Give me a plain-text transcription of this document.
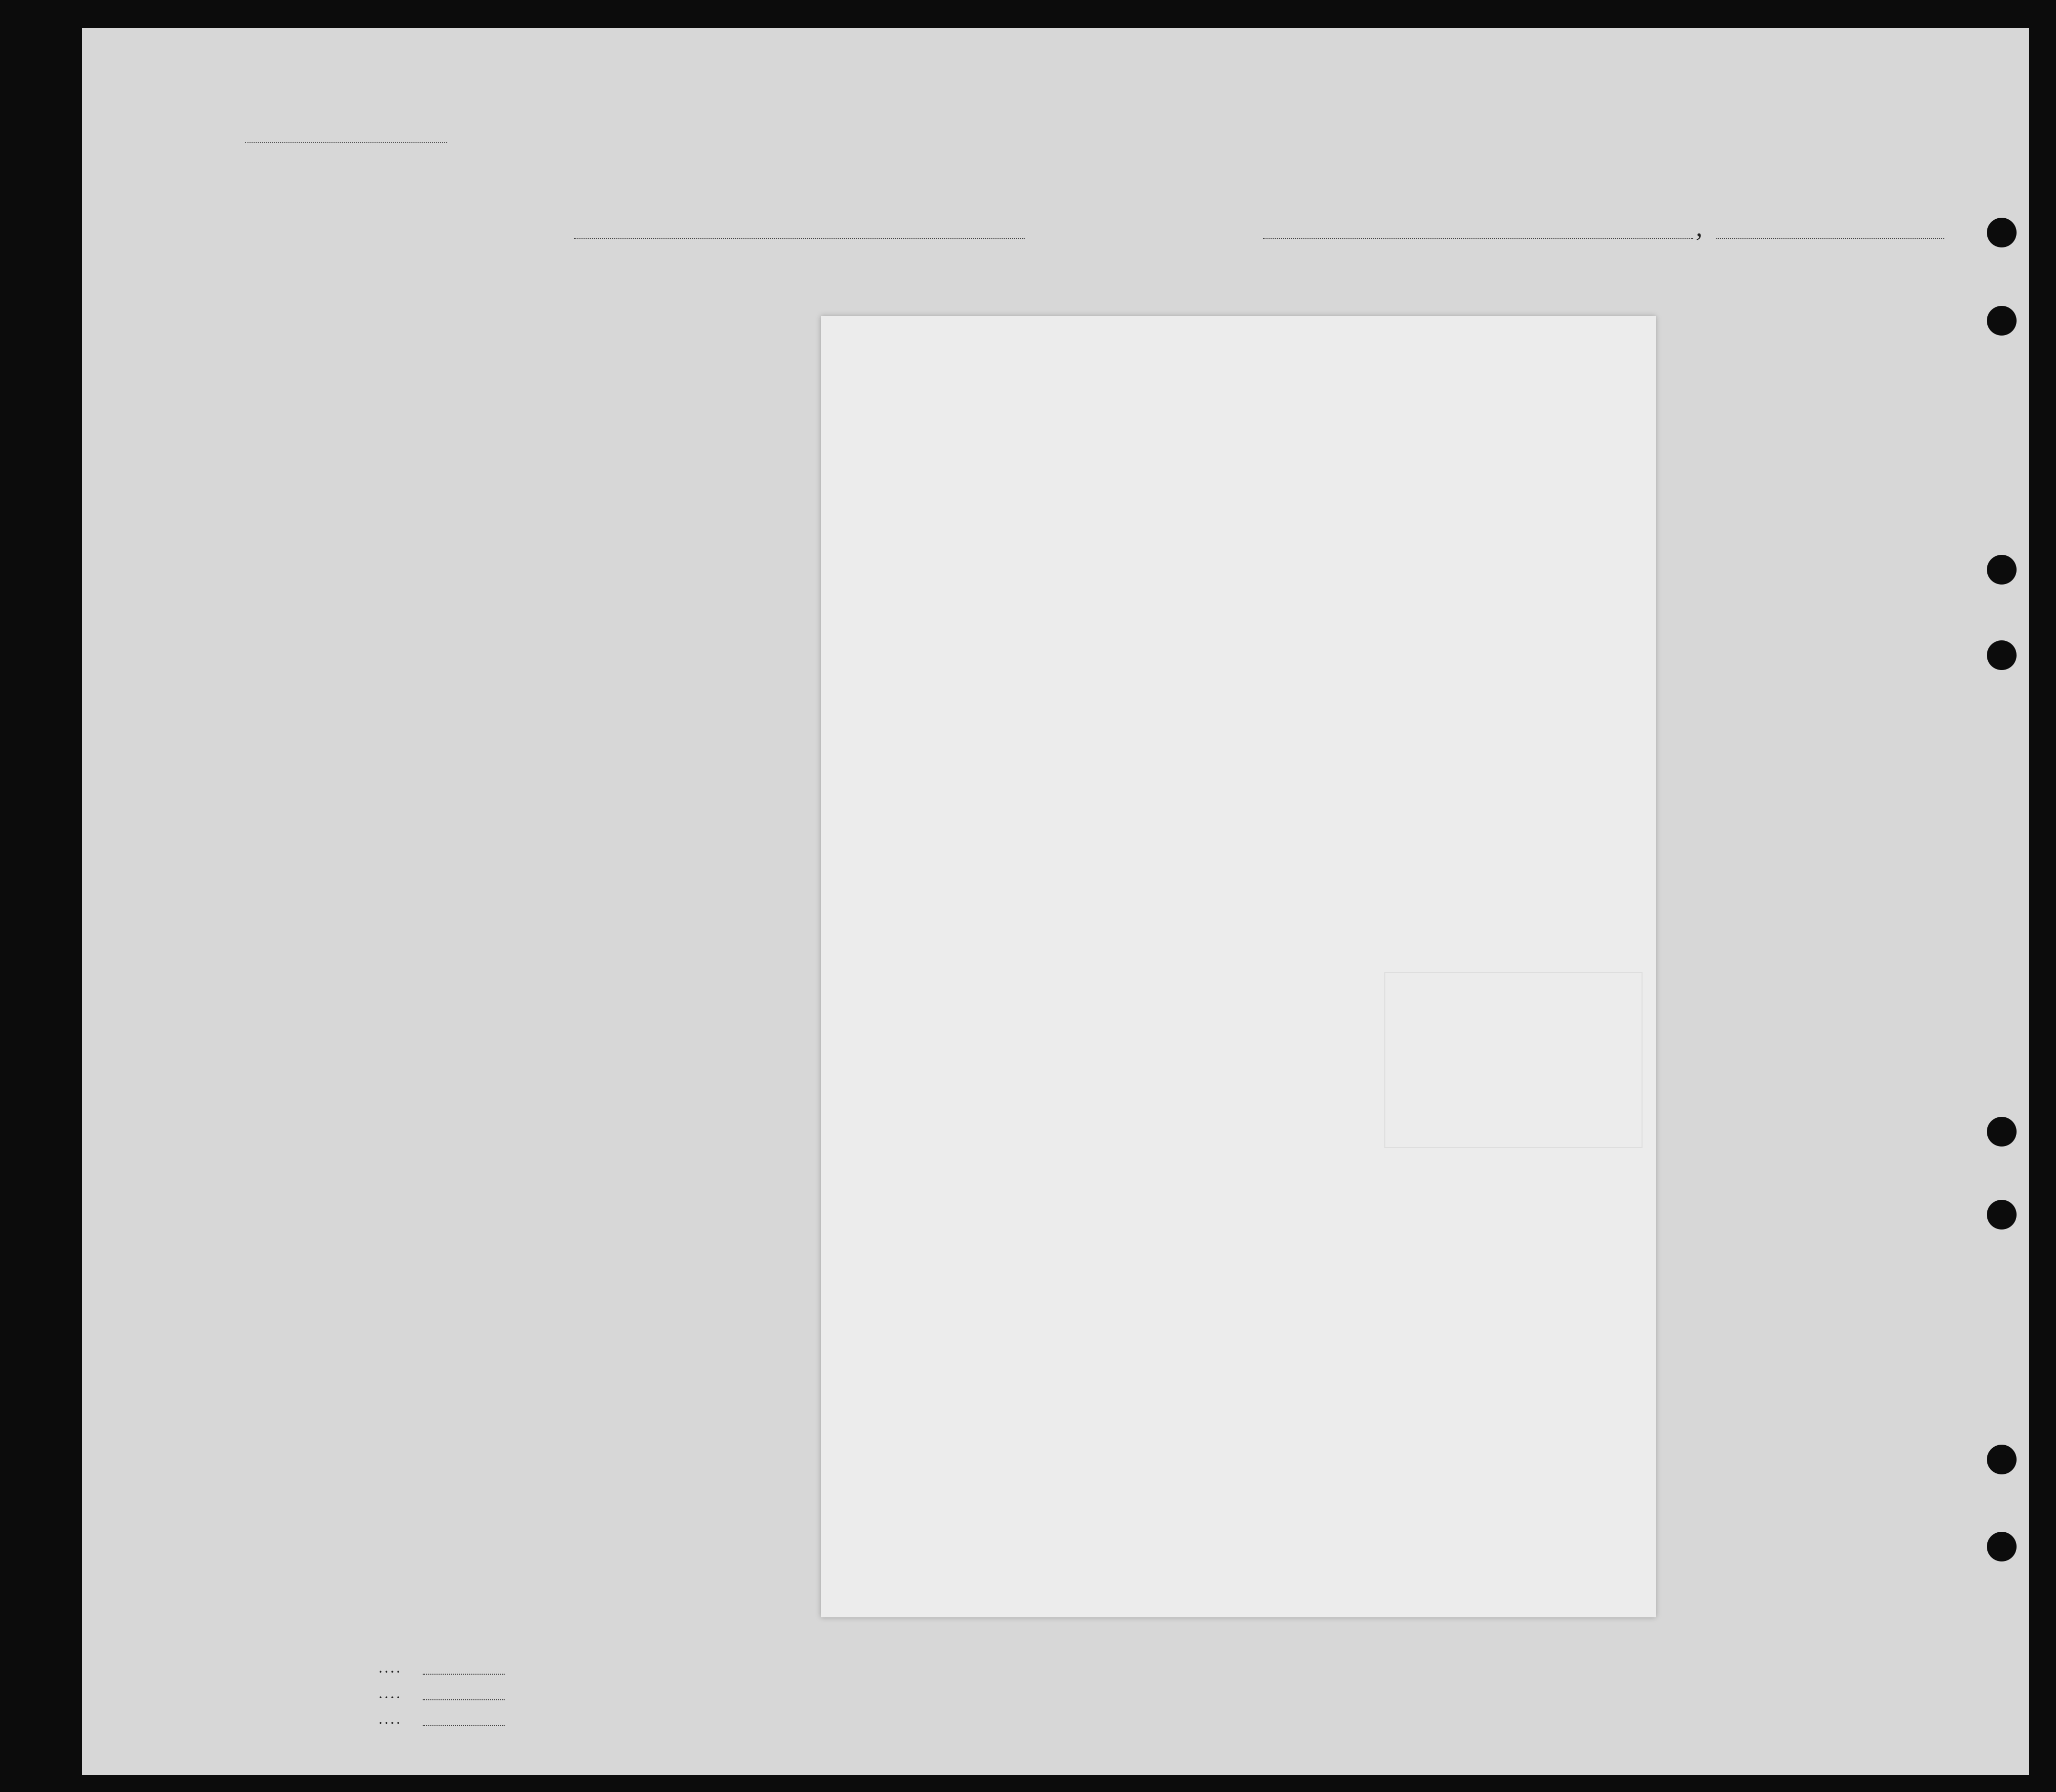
,
....
....
....
